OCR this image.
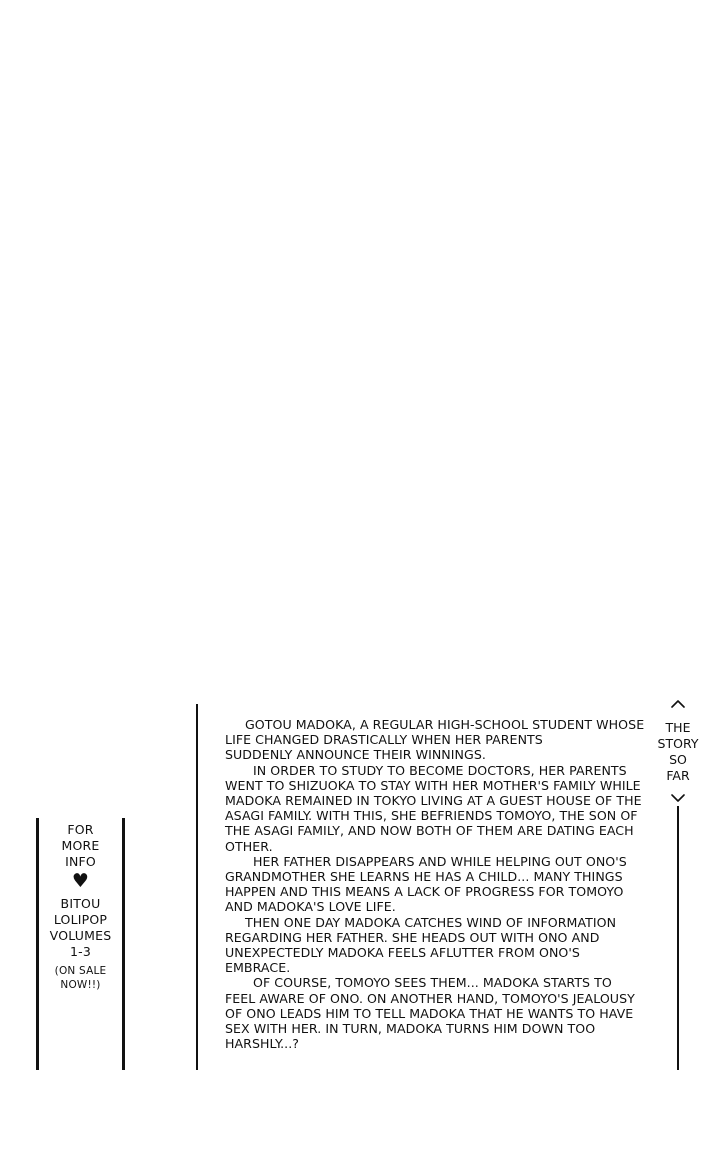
FOR
MORE
INFO
♥
BITOU
LOLIPOP
VOLUMES
1-3
(ON SALE
NOW!!)
GOTOU MADOKA, A REGULAR HIGH-SCHOOL STUDENT WHOSE
LIFE CHANGED DRASTICALLY WHEN HER PARENTS
SUDDENLY ANNOUNCE THEIR WINNINGS.
IN ORDER TO STUDY TO BECOME DOCTORS, HER PARENTS
WENT TO SHIZUOKA TO STAY WITH HER MOTHER'S FAMILY WHILE
MADOKA REMAINED IN TOKYO LIVING AT A GUEST HOUSE OF THE
ASAGI FAMILY. WITH THIS, SHE BEFRIENDS TOMOYO, THE SON OF
THE ASAGI FAMILY, AND NOW BOTH OF THEM ARE DATING EACH
OTHER.
HER FATHER DISAPPEARS AND WHILE HELPING OUT ONO'S
GRANDMOTHER SHE LEARNS HE HAS A CHILD... MANY THINGS
HAPPEN AND THIS MEANS A LACK OF PROGRESS FOR TOMOYO
AND MADOKA'S LOVE LIFE.
THEN ONE DAY MADOKA CATCHES WIND OF INFORMATION
REGARDING HER FATHER. SHE HEADS OUT WITH ONO AND
UNEXPECTEDLY MADOKA FEELS AFLUTTER FROM ONO'S
EMBRACE.
OF COURSE, TOMOYO SEES THEM... MADOKA STARTS TO
FEEL AWARE OF ONO. ON ANOTHER HAND, TOMOYO'S JEALOUSY
OF ONO LEADS HIM TO TELL MADOKA THAT HE WANTS TO HAVE
SEX WITH HER. IN TURN, MADOKA TURNS HIM DOWN TOO
HARSHLY...?
THE
STORY
SO
FAR
